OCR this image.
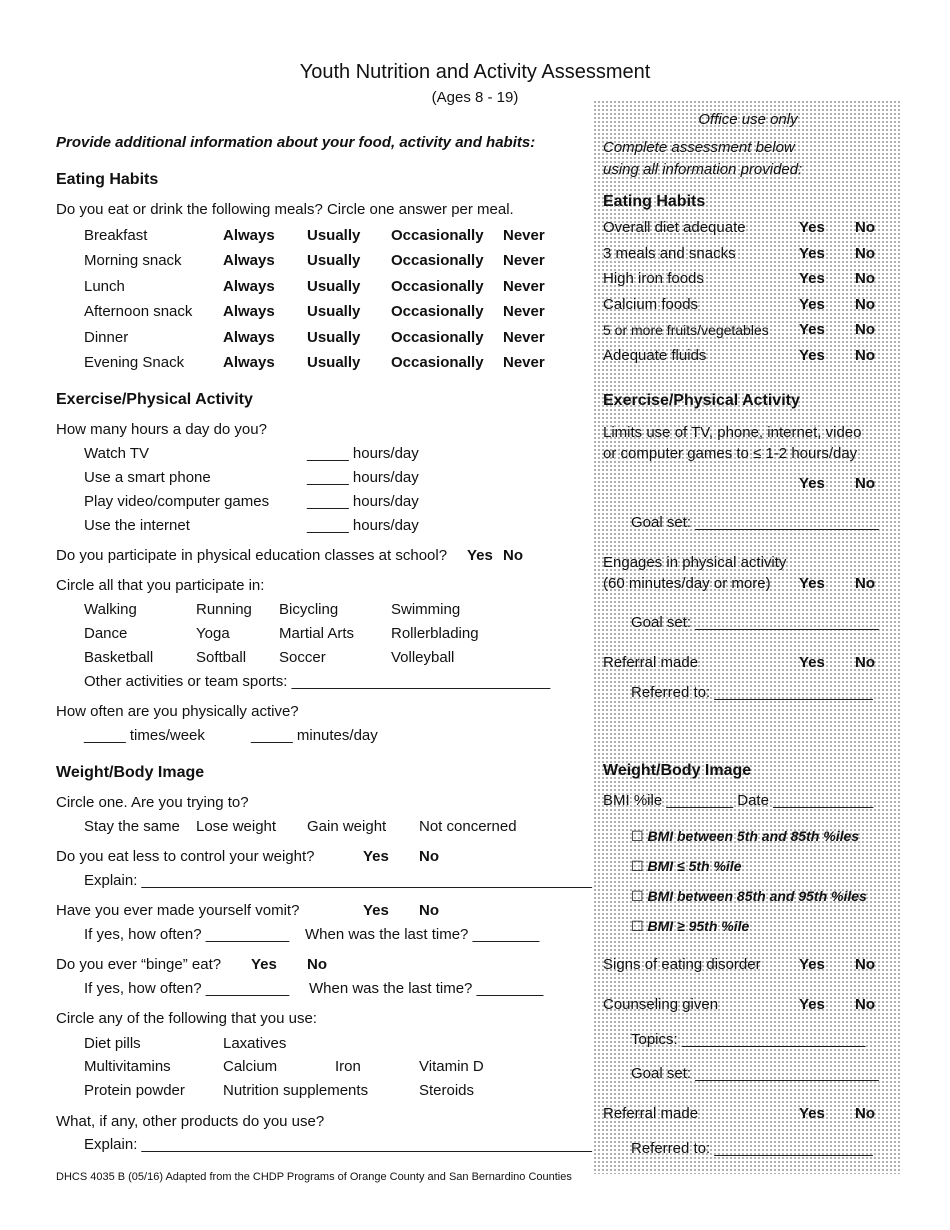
Youth Nutrition and Activity Assessment
(Ages 8 - 19)
Provide additional information about your food, activity and habits:
Eating Habits
Do you eat or drink the following meals? Circle one answer per meal.
Breakfast	Always Usually Occasionally Never
Morning snack	Always Usually Occasionally Never
Lunch	Always Usually Occasionally Never
Afternoon snack Always Usually Occasionally Never
Dinner	Always Usually Occasionally Never
Evening Snack	Always Usually Occasionally Never
Exercise/Physical Activity
How many hours a day do you?
Watch TV	_____ hours/day
Use a smart phone	_____ hours/day
Play video/computer games	_____ hours/day
Use the internet	_____ hours/day
Do you participate in physical education classes at school? Yes No
Circle all that you participate in:
Walking	Running Bicycling	Swimming
Dance	Yoga	Martial Arts Rollerblading
Basketball	Softball Soccer	Volleyball
Other activities or team sports: _______________________________
How often are you physically active?
_____ times/week	_____ minutes/day
Weight/Body Image
Circle one. Are you trying to?
Stay the same Lose weight Gain weight Not concerned
Do you eat less to control your weight?	Yes No
Explain: ______________________________________________________
Have you ever made yourself vomit?	Yes No
If yes, how often? __________ When was the last time? ________
Do you ever “binge” eat? Yes No
If yes, how often? __________ When was the last time? ________
Circle any of the following that you use:
Diet pills	Laxatives
Multivitamins	Calcium	Iron	Vitamin D
Protein powder	Nutrition supplements	Steroids
What, if any, other products do you use?
Explain: ______________________________________________________
DHCS 4035 B (05/16) Adapted from the CHDP Programs of Orange County and San Bernardino Counties
Office use only
Complete assessment below
using all information provided:
Eating Habits
Overall diet adequate	Yes No
3 meals and snacks	Yes No
High iron foods	Yes No
Calcium foods	Yes No
5 or more fruits/vegetables Yes No
Adequate fluids	Yes No
Exercise/Physical Activity
Limits use of TV, phone, internet, video
or computer games to ≤ 1-2 hours/day
Yes No
Goal set: ______________________
Engages in physical activity
(60 minutes/day or more) Yes No
Goal set: ______________________
Referral made	Yes No
Referred to: ___________________
Weight/Body Image
BMI %ile ________ Date ____________
☐ BMI between 5th and 85th %iles
☐ BMI ≤ 5th %ile
☐ BMI between 85th and 95th %iles
☐ BMI ≥ 95th %ile
Signs of eating disorder	Yes No
Counseling given	Yes No
Topics: ______________________
Goal set: ______________________
Referral made	Yes No
Referred to: ___________________
